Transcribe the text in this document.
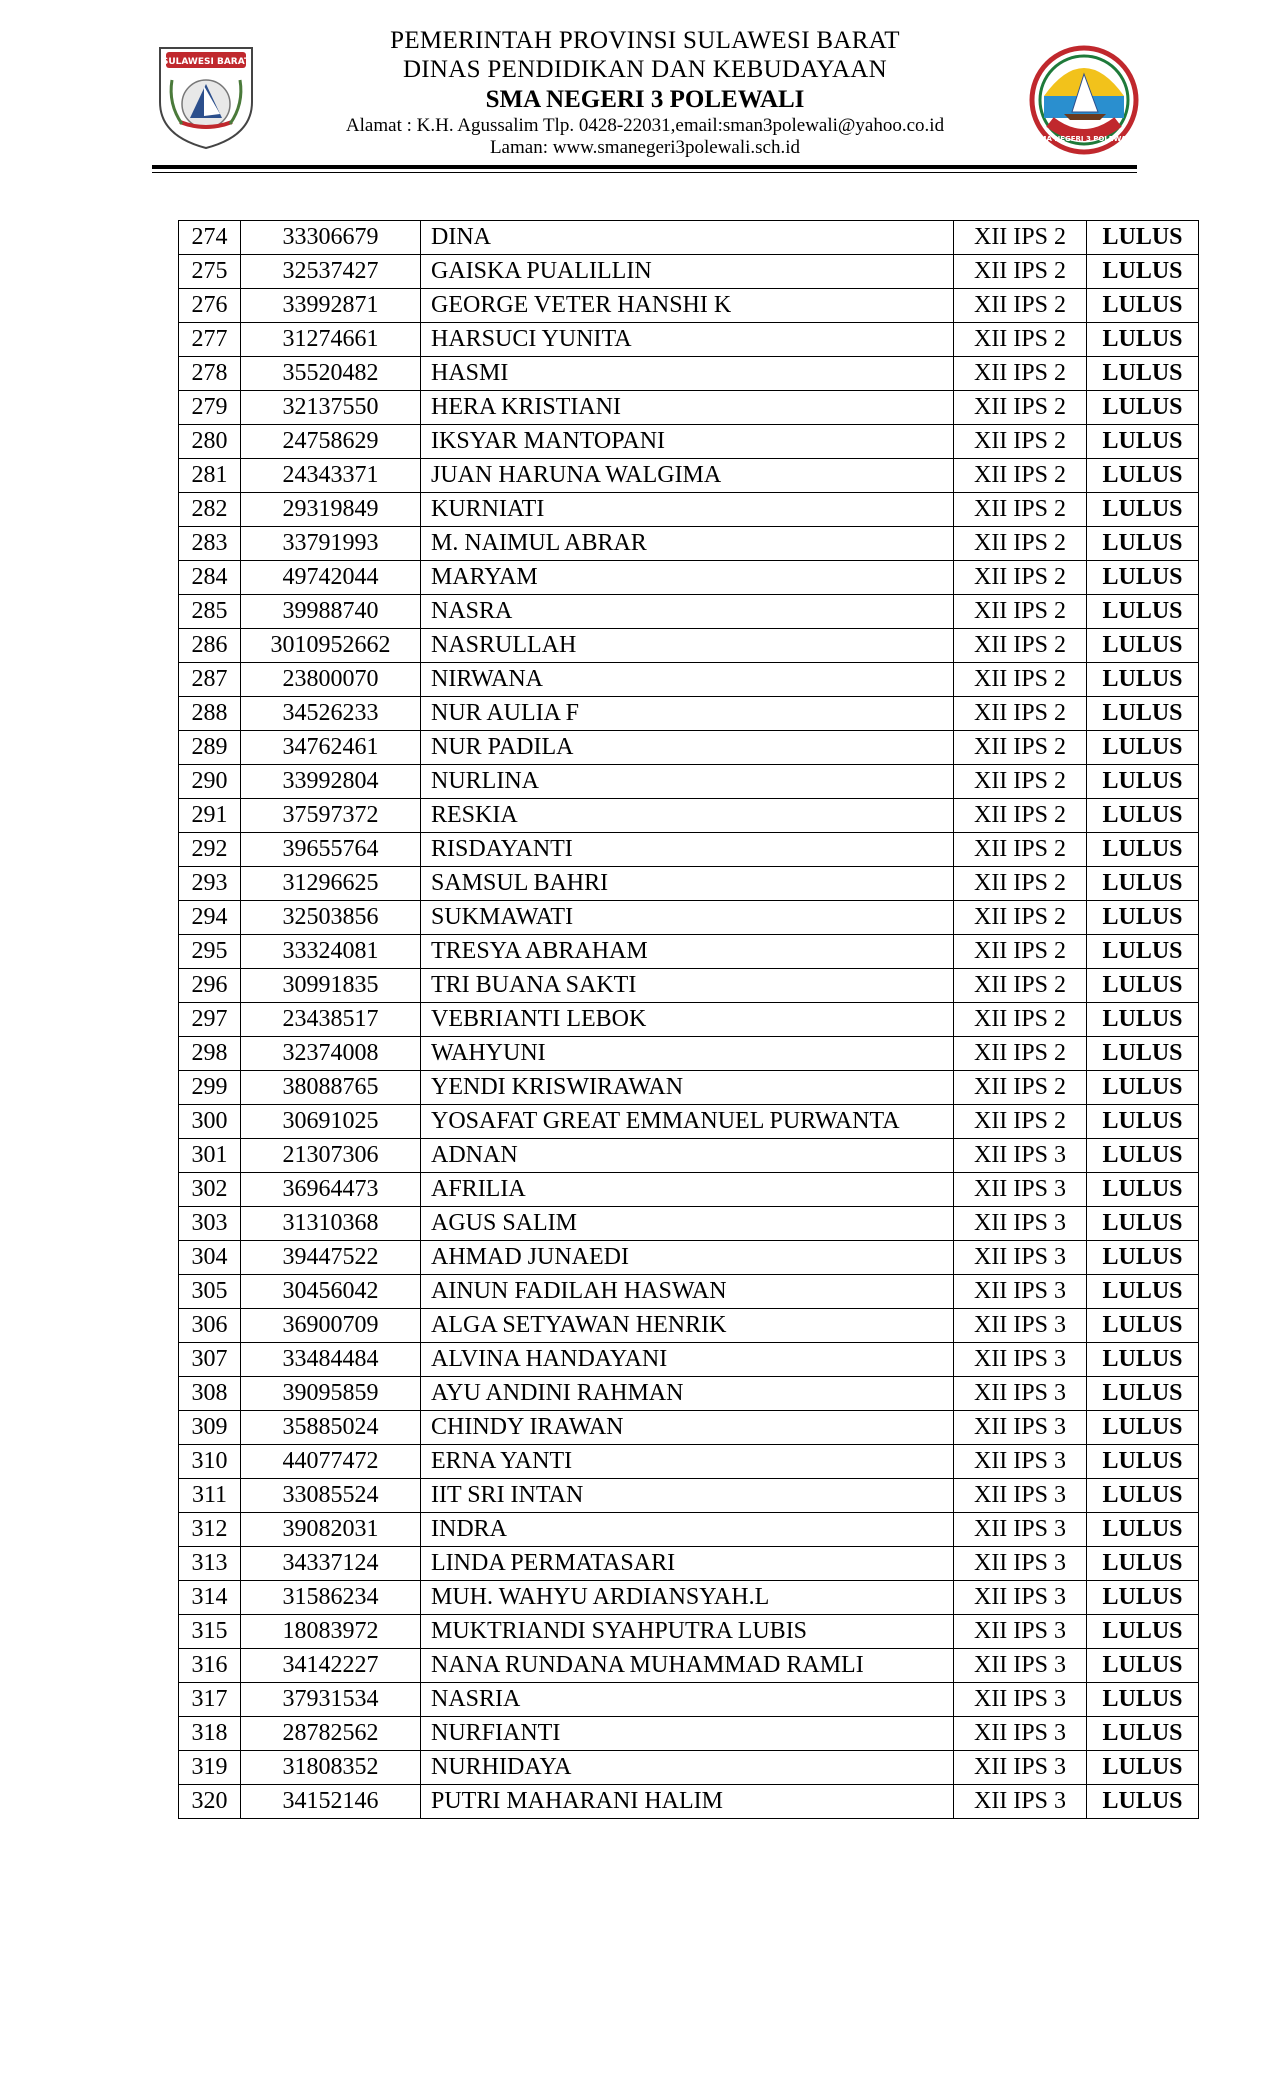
SULAWESI BARAT
PEMERINTAH PROVINSI SULAWESI BARAT
DINAS PENDIDIKAN DAN KEBUDAYAAN
SMA NEGERI 3 POLEWALI
Alamat : K.H. Agussalim Tlp. 0428-22031,email:sman3polewali@yahoo.co.id
Laman: www.smanegeri3polewali.sch.id	SMA NEGERI 3 POLEWALI
274	33306679	DINA	XII IPS 2	LULUS
275	32537427	GAISKA PUALILLIN	XII IPS 2	LULUS
276	33992871	GEORGE VETER HANSHI K	XII IPS 2	LULUS
277	31274661	HARSUCI YUNITA	XII IPS 2	LULUS
278	35520482	HASMI	XII IPS 2	LULUS
279	32137550	HERA KRISTIANI	XII IPS 2	LULUS
280	24758629	IKSYAR MANTOPANI	XII IPS 2	LULUS
281	24343371	JUAN HARUNA WALGIMA	XII IPS 2	LULUS
282	29319849	KURNIATI	XII IPS 2	LULUS
283	33791993	M. NAIMUL ABRAR	XII IPS 2	LULUS
284	49742044	MARYAM	XII IPS 2	LULUS
285	39988740	NASRA	XII IPS 2	LULUS
286	3010952662	NASRULLAH	XII IPS 2	LULUS
287	23800070	NIRWANA	XII IPS 2	LULUS
288	34526233	NUR AULIA F	XII IPS 2	LULUS
289	34762461	NUR PADILA	XII IPS 2	LULUS
290	33992804	NURLINA	XII IPS 2	LULUS
291	37597372	RESKIA	XII IPS 2	LULUS
292	39655764	RISDAYANTI	XII IPS 2	LULUS
293	31296625	SAMSUL BAHRI	XII IPS 2	LULUS
294	32503856	SUKMAWATI	XII IPS 2	LULUS
295	33324081	TRESYA ABRAHAM	XII IPS 2	LULUS
296	30991835	TRI BUANA SAKTI	XII IPS 2	LULUS
297	23438517	VEBRIANTI LEBOK	XII IPS 2	LULUS
298	32374008	WAHYUNI	XII IPS 2	LULUS
299	38088765	YENDI KRISWIRAWAN	XII IPS 2	LULUS
300	30691025	YOSAFAT GREAT EMMANUEL PURWANTA	XII IPS 2	LULUS
301	21307306	ADNAN	XII IPS 3	LULUS
302	36964473	AFRILIA	XII IPS 3	LULUS
303	31310368	AGUS SALIM	XII IPS 3	LULUS
304	39447522	AHMAD JUNAEDI	XII IPS 3	LULUS
305	30456042	AINUN FADILAH HASWAN	XII IPS 3	LULUS
306	36900709	ALGA SETYAWAN HENRIK	XII IPS 3	LULUS
307	33484484	ALVINA HANDAYANI	XII IPS 3	LULUS
308	39095859	AYU ANDINI RAHMAN	XII IPS 3	LULUS
309	35885024	CHINDY IRAWAN	XII IPS 3	LULUS
310	44077472	ERNA YANTI	XII IPS 3	LULUS
311	33085524	IIT SRI INTAN	XII IPS 3	LULUS
312	39082031	INDRA	XII IPS 3	LULUS
313	34337124	LINDA PERMATASARI	XII IPS 3	LULUS
314	31586234	MUH. WAHYU ARDIANSYAH.L	XII IPS 3	LULUS
315	18083972	MUKTRIANDI SYAHPUTRA LUBIS	XII IPS 3	LULUS
316	34142227	NANA RUNDANA MUHAMMAD RAMLI	XII IPS 3	LULUS
317	37931534	NASRIA	XII IPS 3	LULUS
318	28782562	NURFIANTI	XII IPS 3	LULUS
319	31808352	NURHIDAYA	XII IPS 3	LULUS
320	34152146	PUTRI MAHARANI HALIM	XII IPS 3	LULUS
